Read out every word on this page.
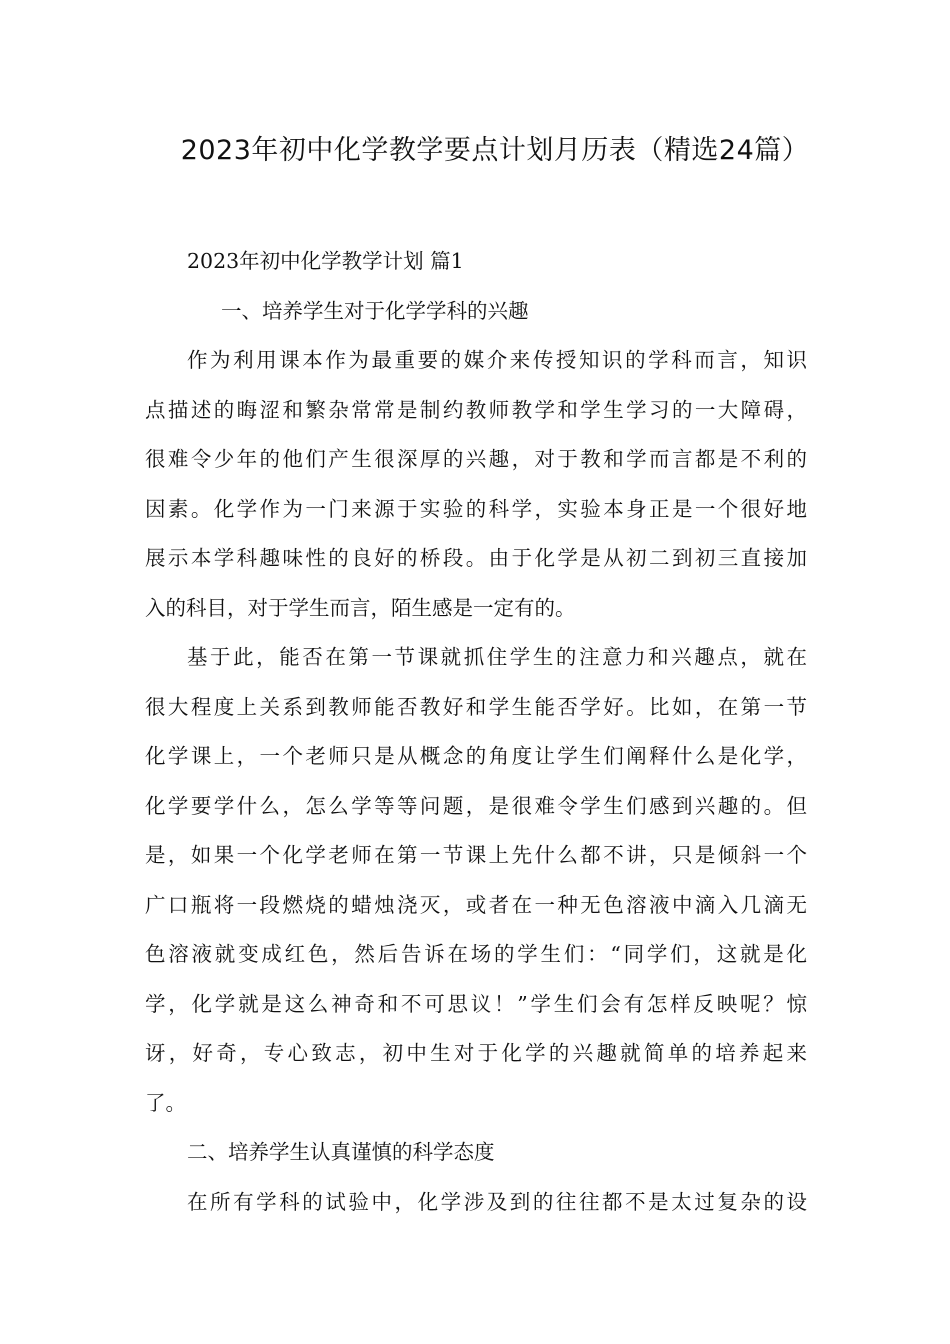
2023年初中化学教学要点计划月历表（精选24篇）
2023年初中化学教学计划 篇1
一、培养学生对于化学学科的兴趣
作为利用课本作为最重要的媒介来传授知识的学科而言，知识
点描述的晦涩和繁杂常常是制约教师教学和学生学习的一大障碍，
很难令少年的他们产生很深厚的兴趣，对于教和学而言都是不利的
因素。化学作为一门来源于实验的科学，实验本身正是一个很好地
展示本学科趣味性的良好的桥段。由于化学是从初二到初三直接加
入的科目，对于学生而言，陌生感是一定有的。
基于此，能否在第一节课就抓住学生的注意力和兴趣点，就在
很大程度上关系到教师能否教好和学生能否学好。比如，在第一节
化学课上，一个老师只是从概念的角度让学生们阐释什么是化学，
化学要学什么，怎么学等等问题，是很难令学生们感到兴趣的。但
是，如果一个化学老师在第一节课上先什么都不讲，只是倾斜一个
广口瓶将一段燃烧的蜡烛浇灭，或者在一种无色溶液中滴入几滴无
色溶液就变成红色，然后告诉在场的学生们：“同学们，这就是化
学，化学就是这么神奇和不可思议！”学生们会有怎样反映呢？惊
讶，好奇，专心致志，初中生对于化学的兴趣就简单的培养起来
了。
二、培养学生认真谨慎的科学态度
在所有学科的试验中，化学涉及到的往往都不是太过复杂的设
